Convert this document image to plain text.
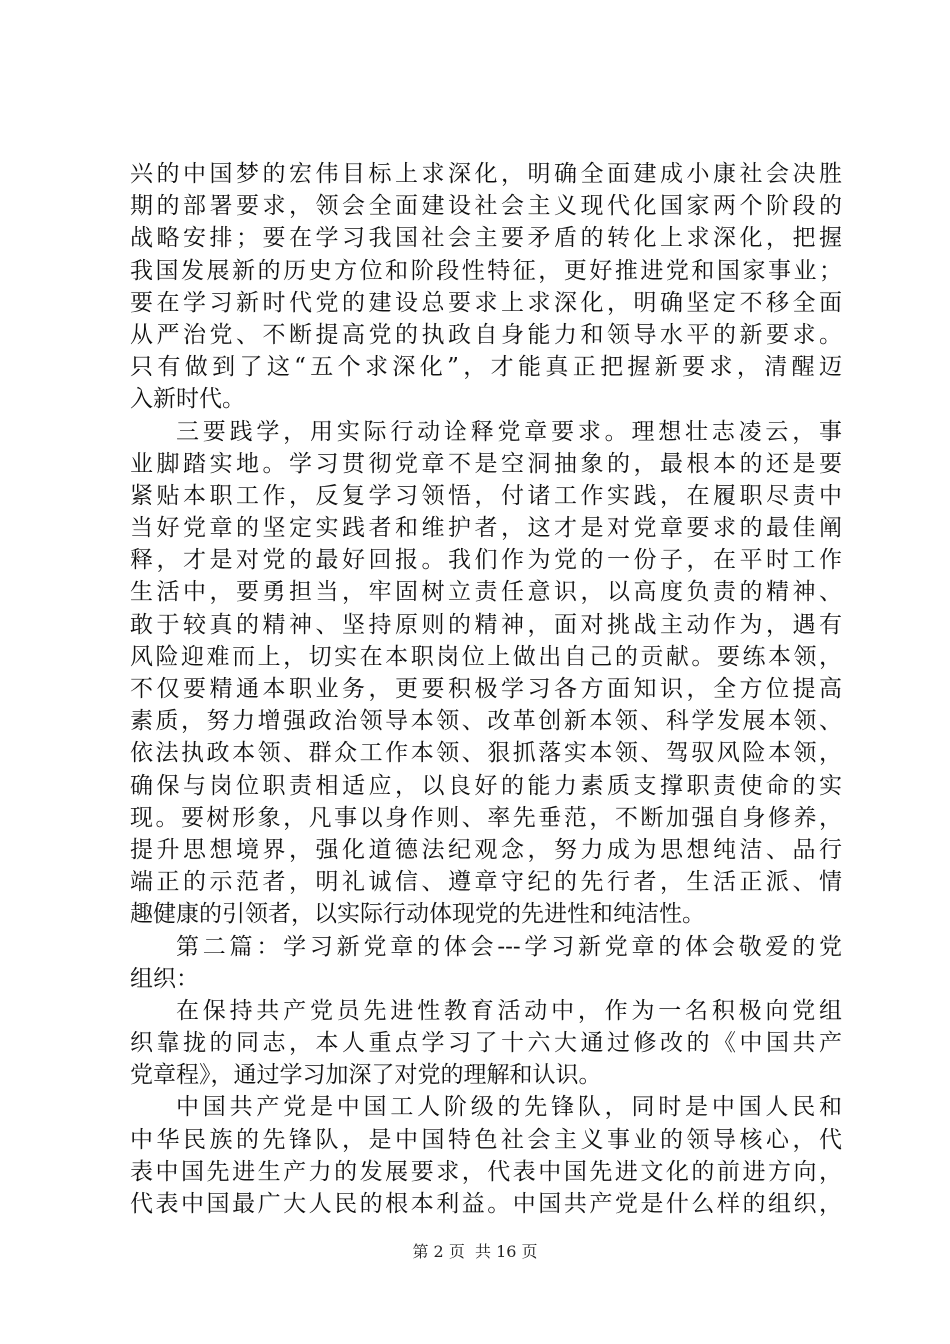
兴的中国梦的宏伟目标上求深化，明确全面建成小康社会决胜
期的部署要求，领会全面建设社会主义现代化国家两个阶段的
战略安排；要在学习我国社会主要矛盾的转化上求深化，把握
我国发展新的历史方位和阶段性特征，更好推进党和国家事业；
要在学习新时代党的建设总要求上求深化，明确坚定不移全面
从严治党、不断提高党的执政自身能力和领导水平的新要求。
只有做到了这“五个求深化”，才能真正把握新要求，清醒迈
入新时代。
三要践学，用实际行动诠释党章要求。理想壮志凌云，事
业脚踏实地。学习贯彻党章不是空洞抽象的，最根本的还是要
紧贴本职工作，反复学习领悟，付诸工作实践，在履职尽责中
当好党章的坚定实践者和维护者，这才是对党章要求的最佳阐
释，才是对党的最好回报。我们作为党的一份子，在平时工作
生活中，要勇担当，牢固树立责任意识，以高度负责的精神、
敢于较真的精神、坚持原则的精神，面对挑战主动作为，遇有
风险迎难而上，切实在本职岗位上做出自己的贡献。要练本领，
不仅要精通本职业务，更要积极学习各方面知识，全方位提高
素质，努力增强政治领导本领、改革创新本领、科学发展本领、
依法执政本领、群众工作本领、狠抓落实本领、驾驭风险本领，
确保与岗位职责相适应，以良好的能力素质支撑职责使命的实
现。要树形象，凡事以身作则、率先垂范，不断加强自身修养，
提升思想境界，强化道德法纪观念，努力成为思想纯洁、品行
端正的示范者，明礼诚信、遵章守纪的先行者，生活正派、情
趣健康的引领者，以实际行动体现党的先进性和纯洁性。
第二篇：学习新党章的体会---学习新党章的体会敬爱的党
组织：
在保持共产党员先进性教育活动中，作为一名积极向党组
织靠拢的同志，本人重点学习了十六大通过修改的《中国共产
党章程》，通过学习加深了对党的理解和认识。
中国共产党是中国工人阶级的先锋队，同时是中国人民和
中华民族的先锋队，是中国特色社会主义事业的领导核心，代
表中国先进生产力的发展要求，代表中国先进文化的前进方向，
代表中国最广大人民的根本利益。中国共产党是什么样的组织，
第 2 页  共 16 页
